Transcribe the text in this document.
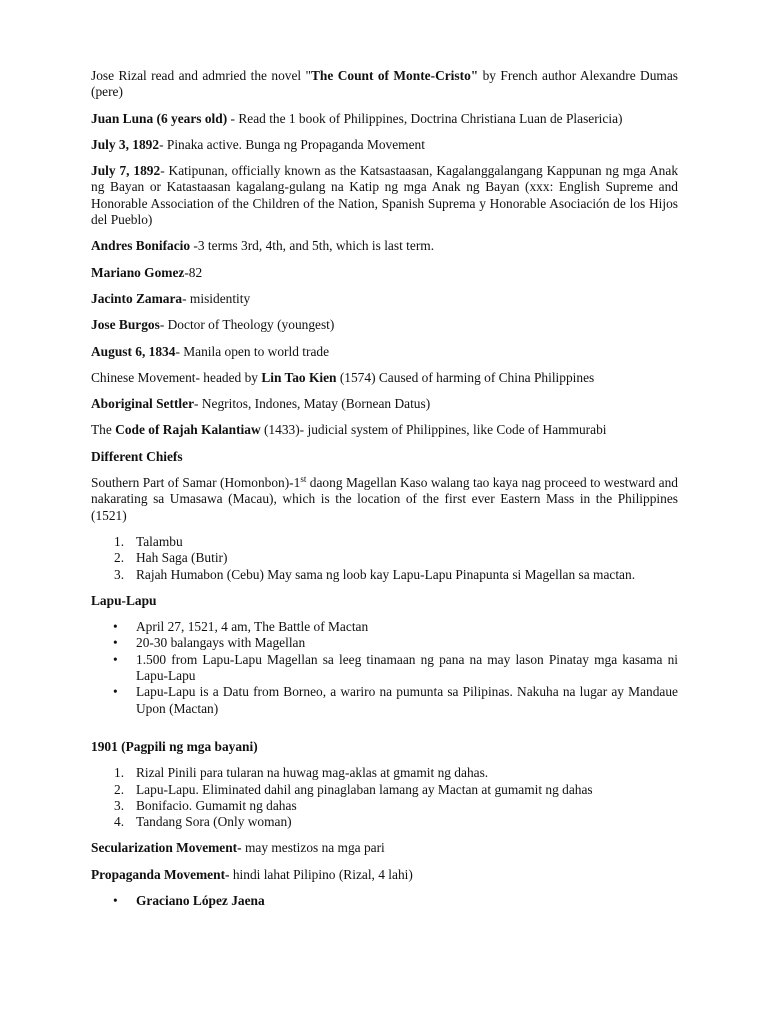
Jose Rizal read and admried the novel "The Count of Monte-Cristo" by French author Alexandre Dumas (pere)

Juan Luna (6 years old) - Read the 1 book of Philippines, Doctrina Christiana Luan de Plasericia)

July 3, 1892- Pinaka active. Bunga ng Propaganda Movement

July 7, 1892- Katipunan, officially known as the Katsastaasan, Kagalanggalangang Kappunan ng mga Anak ng Bayan or Katastaasan kagalang-gulang na Katip ng mga Anak ng Bayan (xxx: English Supreme and Honorable Association of the Children of the Nation, Spanish Suprema y Honorable Asociación de los Hijos del Pueblo)

Andres Bonifacio -3 terms 3rd, 4th, and 5th, which is last term.

Mariano Gomez-82

Jacinto Zamara- misidentity

Jose Burgos- Doctor of Theology (youngest)

August 6, 1834- Manila open to world trade

Chinese Movement- headed by Lin Tao Kien (1574) Caused of harming of China Philippines

Aboriginal Settler- Negritos, Indones, Matay (Bornean Datus)

The Code of Rajah Kalantiaw (1433)- judicial system of Philippines, like Code of Hammurabi

Different Chiefs

Southern Part of Samar (Homonbon)-1st daong Magellan Kaso walang tao kaya nag proceed to westward and nakarating sa Umasawa (Macau), which is the location of the first ever Eastern Mass in the Philippines (1521)

1. Talambu
2. Hah Saga (Butir)
3. Rajah Humabon (Cebu) May sama ng loob kay Lapu-Lapu Pinapunta si Magellan sa mactan.

Lapu-Lapu

• April 27, 1521, 4 am, The Battle of Mactan
• 20-30 balangays with Magellan
• 1.500 from Lapu-Lapu Magellan sa leeg tinamaan ng pana na may lason Pinatay mga kasama ni Lapu-Lapu
• Lapu-Lapu is a Datu from Borneo, a wariro na pumunta sa Pilipinas. Nakuha na lugar ay Mandaue Upon (Mactan)

1901 (Pagpili ng mga bayani)

1. Rizal Pinili para tularan na huwag mag-aklas at gmamit ng dahas.
2. Lapu-Lapu. Eliminated dahil ang pinaglaban lamang ay Mactan at gumamit ng dahas
3. Bonifacio. Gumamit ng dahas
4. Tandang Sora (Only woman)

Secularization Movement- may mestizos na mga pari

Propaganda Movement- hindi lahat Pilipino (Rizal, 4 lahi)

• Graciano López Jaena
